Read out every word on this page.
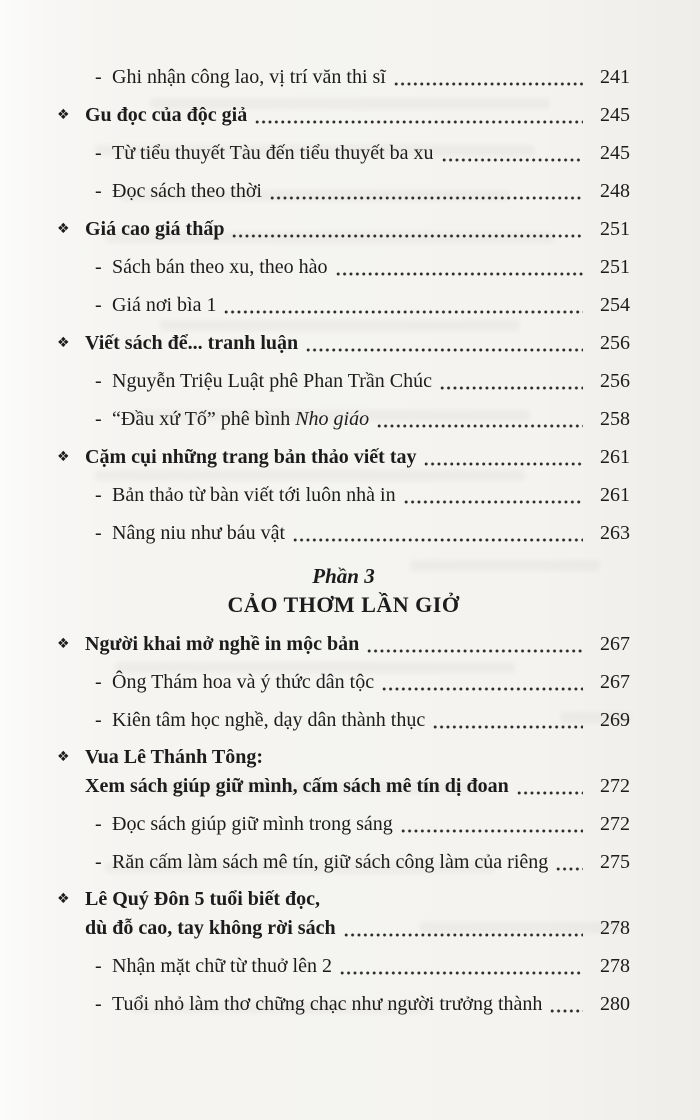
- Ghi nhận công lao, vị trí văn thi sĩ	241
❖ Gu đọc của độc giả	245
- Từ tiểu thuyết Tàu đến tiểu thuyết ba xu	245
- Đọc sách theo thời	248
❖ Giá cao giá thấp	251
- Sách bán theo xu, theo hào	251
- Giá nơi bìa 1	254
❖ Viết sách để... tranh luận	256
- Nguyễn Triệu Luật phê Phan Trần Chúc	256
- “Đầu xứ Tố” phê bình Nho giáo	258
❖ Cặm cụi những trang bản thảo viết tay	261
- Bản thảo từ bàn viết tới luôn nhà in	261
- Nâng niu như báu vật	263
Phần 3
CẢO THƠM LẦN GIỞ
❖ Người khai mở nghề in mộc bản	267
- Ông Thám hoa và ý thức dân tộc	267
- Kiên tâm học nghề, dạy dân thành thục	269
❖ Vua Lê Thánh Tông:
Xem sách giúp giữ mình, cấm sách mê tín dị đoan	272
- Đọc sách giúp giữ mình trong sáng	272
- Răn cấm làm sách mê tín, giữ sách công làm của riêng	275
❖ Lê Quý Đôn 5 tuổi biết đọc,
dù đỗ cao, tay không rời sách	278
- Nhận mặt chữ từ thuở lên 2	278
- Tuổi nhỏ làm thơ chững chạc như người trưởng thành	280
